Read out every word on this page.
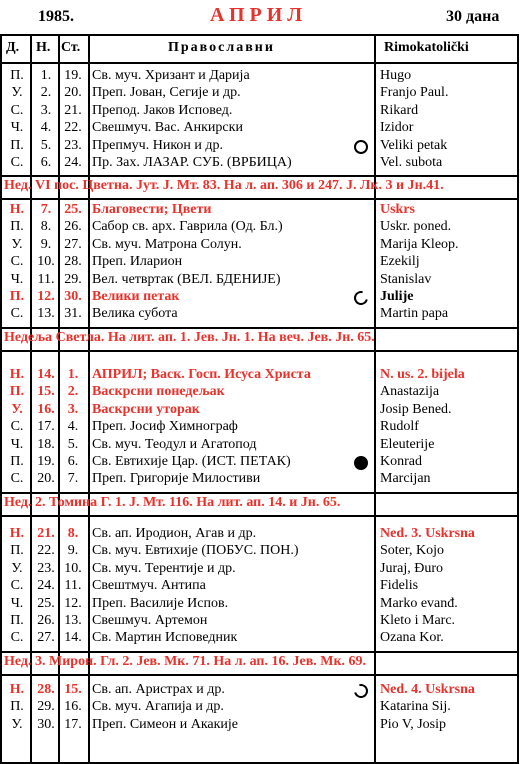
1985.	АПРИЛ	30 дана
Д. Н. Ст.	Православни	Rimokatolički
П.	1. 19. Св. муч. Хризант и Дарија	Hugo
У.	2. 20. Преп. Јован, Сегије и др.	Franjo Paul.
С.	3. 21. Препод. Јаков Исповед.	Rikard
Ч.	4. 22. Свешмуч. Вас. Анкирски	Izidor
П.	5. 23. Препмуч. Никон и др.	Veliki petak
С.	6. 24. Пр. Зах. ЛАЗАР. СУБ. (ВРБИЦА)	Vel. subota
Нед. VI пос. Цветна. Јут. Ј. Мт. 83. На л. ап. 306 и 247. Ј. Лк. 3 и Јн.41.
Н.	7. 25. Благовести; Цвети	Uskrs
П.	8. 26. Сабор св. арх. Гаврила (Од. Бл.)	Uskr. poned.
У.	9. 27. Св. муч. Матрона Солун.	Marija Kleop.
С. 10. 28. Преп. Иларион	Ezekilj
Ч.	11. 29. Вел. четвртак (ВЕЛ. БДЕНИЈЕ)	Stanislav
П. 12. 30. Велики петак	Julije
С. 13. 31. Велика субота	Martin papa
Недеља Светла. На лит. ап. 1. Јев. Јн. 1. На веч. Јев. Јн. 65.
Н. 14. 1. АПРИЛ; Васк. Госп. Исуса Христа	N. us. 2. bijela
П. 15. 2. Васкрсни понедељак	Anastazija
У.	16. 3. Васкрсни уторак	Josip Bened.
С. 17. 4. Преп. Јосиф Химнограф	Rudolf
Ч. 18. 5. Св. муч. Теодул и Агатопод	Eleuterije
П. 19. 6. Св. Евтихије Цар. (ИСТ. ПЕТАК)	Konrad
С. 20. 7. Преп. Григорије Милостиви	Marcijan
Нед. 2. Томина Г. 1. Ј. Мт. 116. На лит. ап. 14. и Јн. 65.
Н. 21. 8. Св. ап. Иродион, Агав и др.	Ned. 3. Uskrsna
П. 22. 9. Св. муч. Евтихије (ПОБУС. ПОН.)	Soter, Kojo
У.	23. 10. Св. муч. Терентије и др.	Juraj, Đuro
С. 24. 11. Свештмуч. Антипа	Fidelis
Ч. 25. 12. Преп. Василије Испов.	Marko evanđ.
П. 26. 13. Свешмуч. Артемон	Kleto i Marc.
С. 27. 14. Св. Мартин Исповедник	Ozana Kor.
Нед. 3. Мирон. Гл. 2. Јев. Мк. 71. На л. ап. 16. Јев. Мк. 69.
Н. 28. 15. Св. ап. Аристрах и др.	Ned. 4. Uskrsna
П. 29. 16. Св. муч. Агапија и др.	Katarina Sij.
У.	30. 17. Преп. Симеон и Акакије	Pio V, Josip
